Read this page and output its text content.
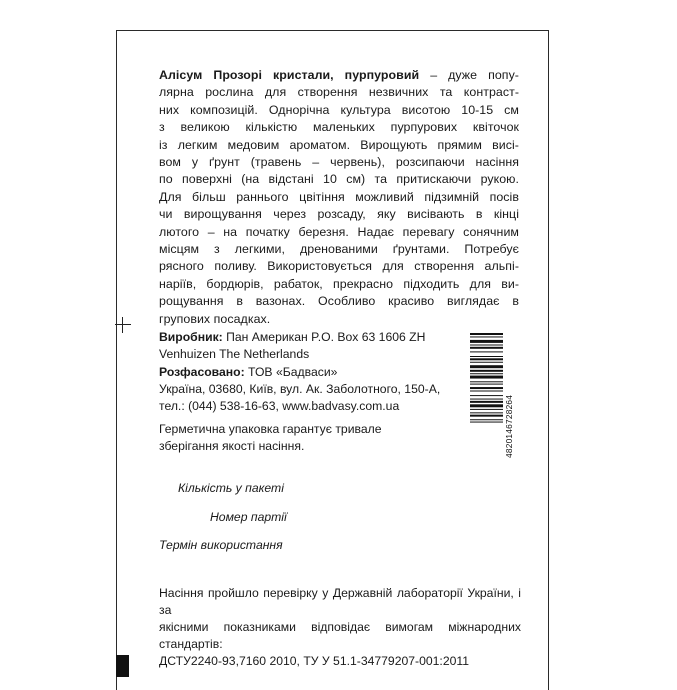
Алісум Прозорі кристали, пурпуровий – дуже попу-
лярна рослина для створення незвичних та контраст-
них композицій. Однорічна культура висотою 10-15 см
з великою кількістю маленьких пурпурових квіточок
із легким медовим ароматом. Вирощують прямим висі-
вом у ґрунт (травень – червень), розсипаючи насіння
по поверхні (на відстані 10 см) та притискаючи рукою.
Для більш раннього цвітіння можливий підзимній посів
чи вирощування через розсаду, яку висівають в кінці
лютого – на початку березня. Надає перевагу сонячним
місцям з легкими, дренованими ґрунтами. Потребує
рясного поливу. Використовується для створення альпі-
наріїв, бордюрів, рабаток, прекрасно підходить для ви-
рощування в вазонах. Особливо красиво виглядає в
групових посадках.
Виробник: Пан Американ P.O. Box 63 1606 ZH
Venhuizen The Netherlands
Розфасовано: ТОВ «Бадваси»
Україна, 03680, Київ, вул. Ак. Заболотного, 150-А,
тел.: (044) 538-16-63, www.badvasy.com.ua
Герметична упаковка гарантує тривале
зберігання якості насіння.	4820146728264
Кількість у пакеті
Номер партії
Термін використання
Насіння пройшло перевірку у Державній лабораторії України, і за
якісними показниками відповідає вимогам міжнародних стандартів:
ДСТУ2240-93,7160 2010, ТУ У 51.1-34779207-001:2011
